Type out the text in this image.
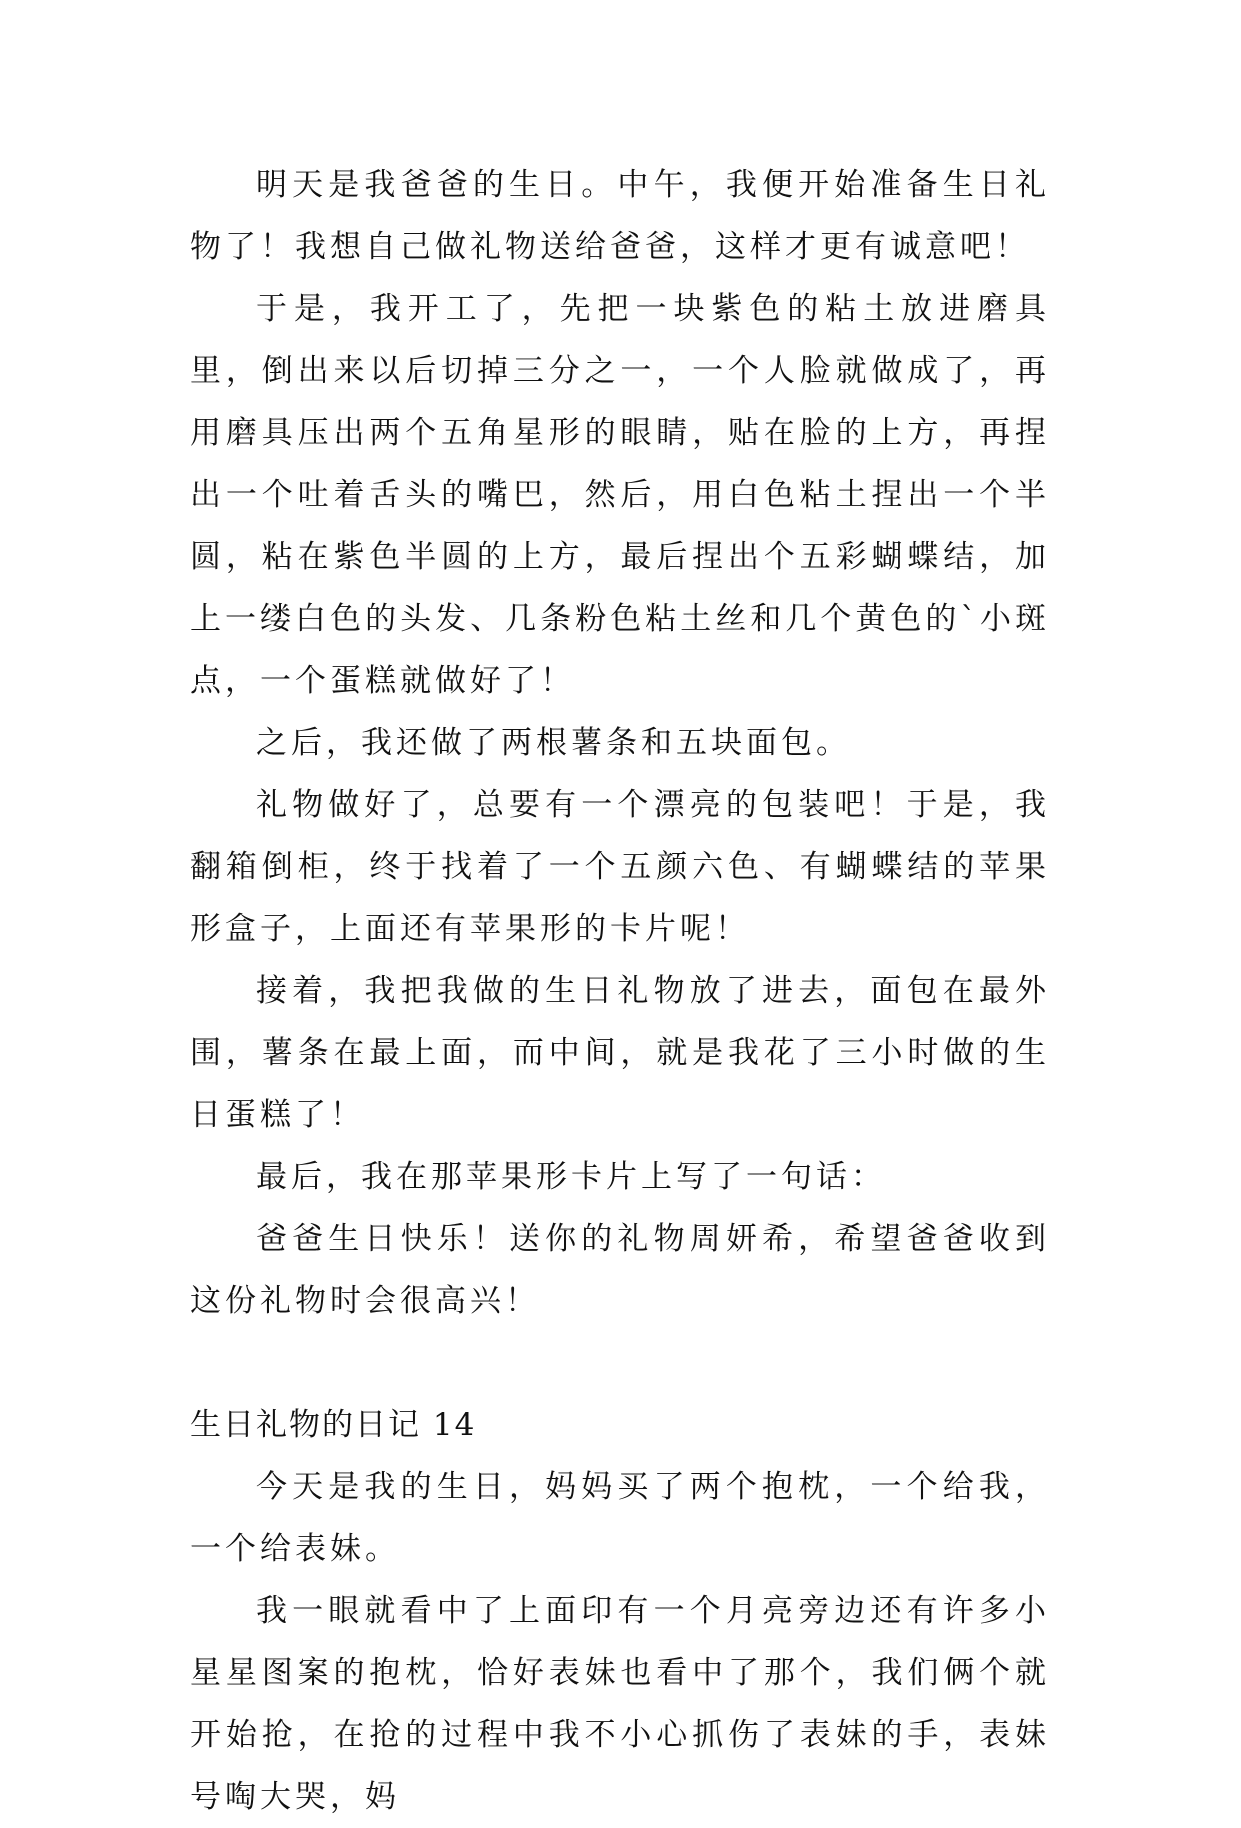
明天是我爸爸的生日。中午，我便开始准备生日礼物了！我想自己做礼物送给爸爸，这样才更有诚意吧！

于是，我开工了，先把一块紫色的粘土放进磨具里，倒出来以后切掉三分之一，一个人脸就做成了，再用磨具压出两个五角星形的眼睛，贴在脸的上方，再捏出一个吐着舌头的嘴巴，然后，用白色粘土捏出一个半圆，粘在紫色半圆的上方，最后捏出个五彩蝴蝶结，加上一缕白色的头发、几条粉色粘土丝和几个黄色的`小斑点，一个蛋糕就做好了！

之后，我还做了两根薯条和五块面包。

礼物做好了，总要有一个漂亮的包装吧！于是，我翻箱倒柜，终于找着了一个五颜六色、有蝴蝶结的苹果形盒子，上面还有苹果形的卡片呢！

接着，我把我做的生日礼物放了进去，面包在最外围，薯条在最上面，而中间，就是我花了三小时做的生日蛋糕了！

最后，我在那苹果形卡片上写了一句话：

爸爸生日快乐！送你的礼物周妍希，希望爸爸收到这份礼物时会很高兴！

生日礼物的日记 14

今天是我的生日，妈妈买了两个抱枕，一个给我，一个给表妹。

我一眼就看中了上面印有一个月亮旁边还有许多小星星图案的抱枕，恰好表妹也看中了那个，我们俩个就开始抢，在抢的过程中我不小心抓伤了表妹的手，表妹号啕大哭，妈
